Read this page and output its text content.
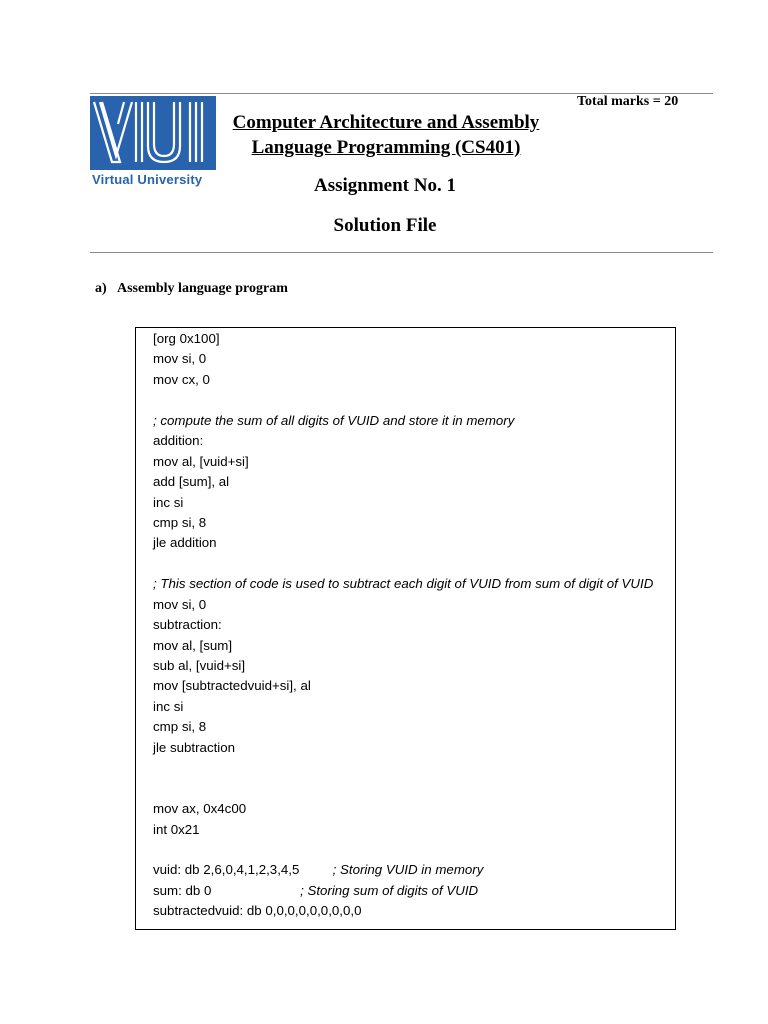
Virtual University
Total marks = 20
Computer Architecture and Assembly
Language Programming (CS401)
Assignment No. 1
Solution File
a) Assembly language program
[org 0x100]
mov si, 0
mov cx, 0
; compute the sum of all digits of VUID and store it in memory
addition:
mov al, [vuid+si]
add [sum], al
inc si
cmp si, 8
jle addition
; This section of code is used to subtract each digit of VUID from sum of digit of VUID
mov si, 0
subtraction:
mov al, [sum]
sub al, [vuid+si]
mov [subtractedvuid+si], al
inc si
cmp si, 8
jle subtraction
mov ax, 0x4c00
int 0x21
vuid: db 2,6,0,4,1,2,3,4,5         ; Storing VUID in memory
sum: db 0                        ; Storing sum of digits of VUID
subtractedvuid: db 0,0,0,0,0,0,0,0,0
